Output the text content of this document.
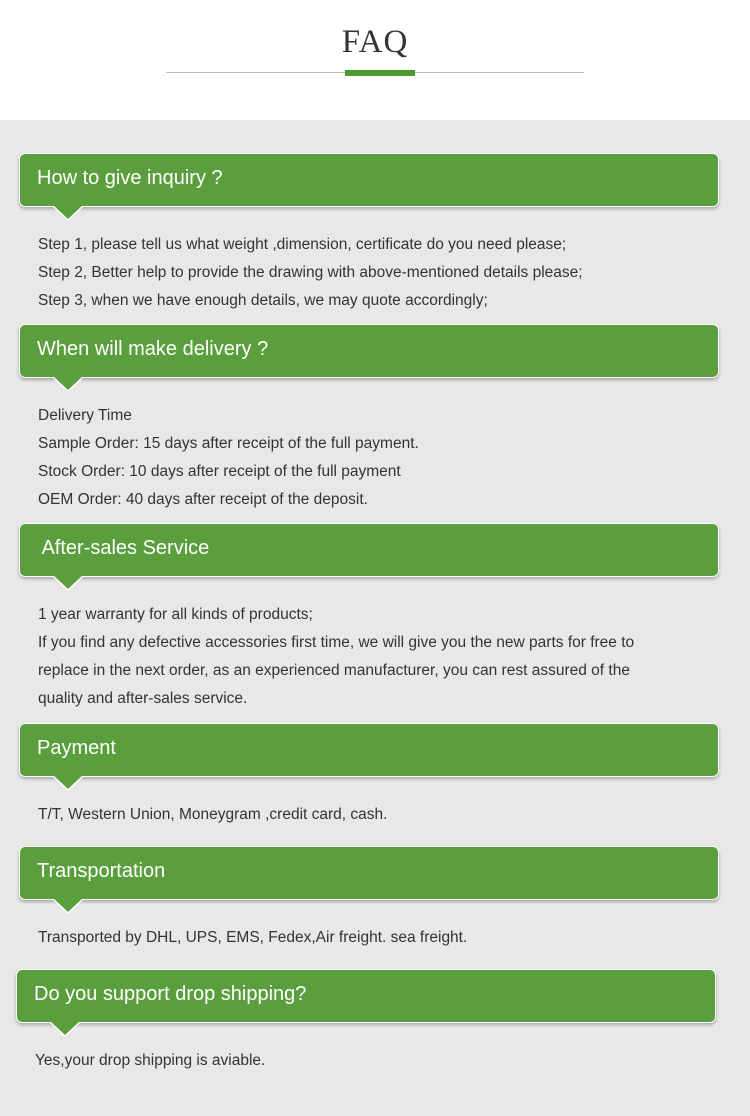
FAQ
How to give inquiry ?
Step 1, please tell us what weight ,dimension, certificate do you need please;
Step 2, Better help to provide the drawing with above-mentioned details please;
Step 3, when we have enough details, we may quote accordingly;
When will make delivery ?
Delivery Time
Sample Order: 15 days after receipt of the full payment.
Stock Order: 10 days after receipt of the full payment
OEM Order: 40 days after receipt of the deposit.
After-sales Service
1 year warranty for all kinds of products;
If you find any defective accessories first time, we will give you the new parts for free to
replace in the next order, as an experienced manufacturer, you can rest assured of the
quality and after-sales service.
Payment
T/T, Western Union, Moneygram ,credit card, cash.
Transportation
Transported by DHL, UPS, EMS, Fedex,Air freight. sea freight.
Do you support drop shipping?
Yes,your drop shipping is aviable.
